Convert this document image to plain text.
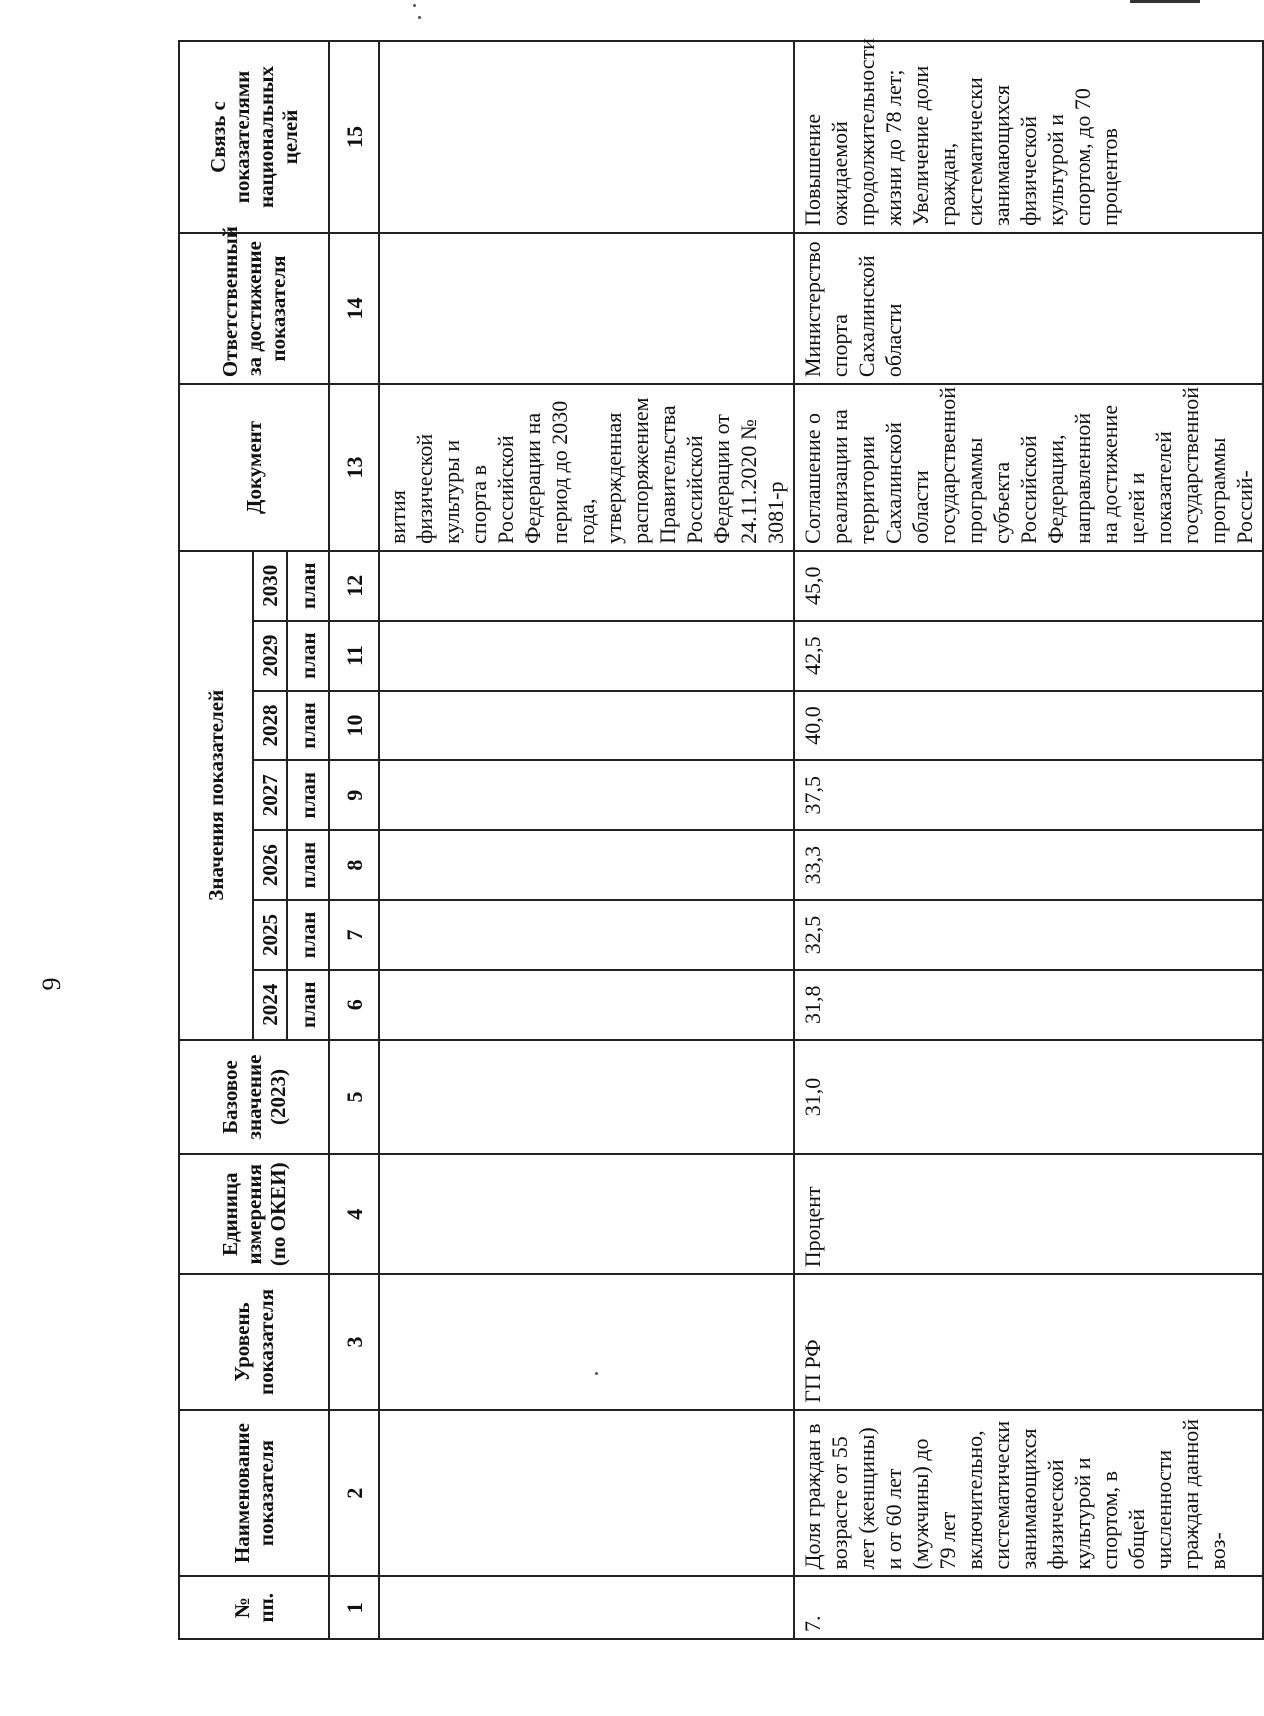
9
№ пп.	Наименование показателя	Уровень показателя	Единица измерения (по ОКЕИ)	Базовое значение (2023)	Значения показателей							Документ	Ответственный за достижение показателя	Связь с показателями национальных целей
					2024	2025	2026	2027	2028	2029	2030			
					план	план	план	план	план	план	план			
1	2	3	4	5	6	7	8	9	10	11	12	13	14	15
												вития физической культуры и спорта в Российской Федерации на период до 2030 года, утвержденная распоряжением Правительства Российской Федерации от 24.11.2020 № 3081-р		
7.	Доля граждан в возрасте от 55 лет (женщины) и от 60 лет (мужчины) до 79 лет включительно, систематически занимающихся физической культурой и спортом, в общей численности граждан данной воз-	ГП РФ	Процент	31,0	31,8	32,5	33,3	37,5	40,0	42,5	45,0	Соглашение о реализации на территории Сахалинской области государственной программы субъекта Российской Федерации, направленной на достижение целей и показателей государственной программы Россий-	Министерство спорта Сахалинской области	Повышение ожидаемой продолжительности жизни до 78 лет; Увеличение доли граждан, систематически занимающихся физической культурой и спортом, до 70 процентов
